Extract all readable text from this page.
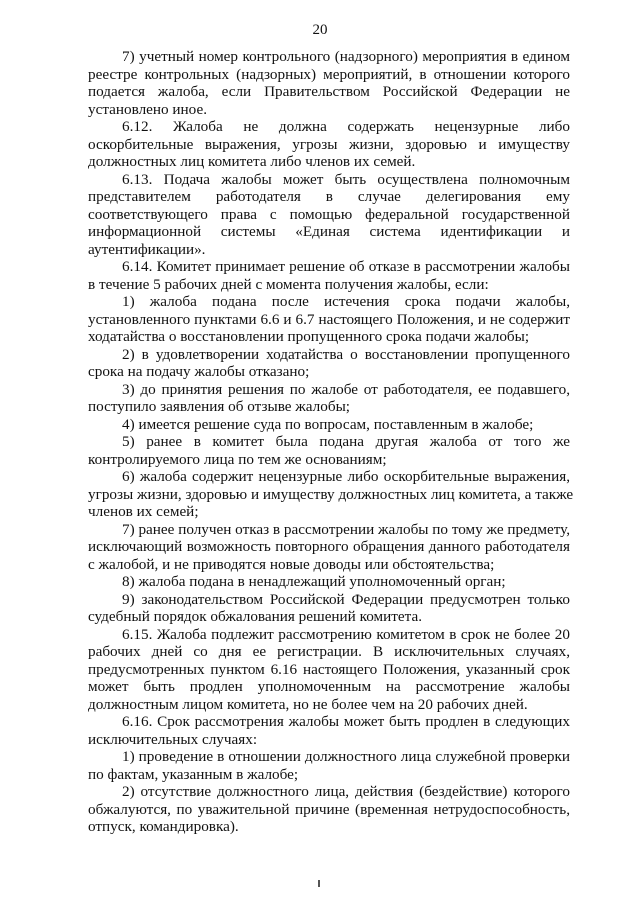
20
7) учетный номер контрольного (надзорного) мероприятия в едином
реестре контрольных (надзорных) мероприятий, в отношении которого
подается жалоба, если Правительством Российской Федерации не
установлено иное.
6.12. Жалоба не должна содержать нецензурные либо
оскорбительные выражения, угрозы жизни, здоровью и имуществу
должностных лиц комитета либо членов их семей.
6.13. Подача жалобы может быть осуществлена полномочным
представителем работодателя в случае делегирования ему
соответствующего права с помощью федеральной государственной
информационной системы «Единая система идентификации и
аутентификации».
6.14. Комитет принимает решение об отказе в рассмотрении жалобы
в течение 5 рабочих дней с момента получения жалобы, если:
1) жалоба подана после истечения срока подачи жалобы,
установленного пунктами 6.6 и 6.7 настоящего Положения, и не содержит
ходатайства о восстановлении пропущенного срока подачи жалобы;
2) в удовлетворении ходатайства о восстановлении пропущенного
срока на подачу жалобы отказано;
3) до принятия решения по жалобе от работодателя, ее подавшего,
поступило заявления об отзыве жалобы;
4) имеется решение суда по вопросам, поставленным в жалобе;
5) ранее в комитет была подана другая жалоба от того же
контролируемого лица по тем же основаниям;
6) жалоба содержит нецензурные либо оскорбительные выражения,
угрозы жизни, здоровью и имуществу должностных лиц комитета, а также
членов их семей;
7) ранее получен отказ в рассмотрении жалобы по тому же предмету,
исключающий возможность повторного обращения данного работодателя
с жалобой, и не приводятся новые доводы или обстоятельства;
8) жалоба подана в ненадлежащий уполномоченный орган;
9) законодательством Российской Федерации предусмотрен только
судебный порядок обжалования решений комитета.
6.15. Жалоба подлежит рассмотрению комитетом в срок не более 20
рабочих дней со дня ее регистрации. В исключительных случаях,
предусмотренных пунктом 6.16 настоящего Положения, указанный срок
может быть продлен уполномоченным на рассмотрение жалобы
должностным лицом комитета, но не более чем на 20 рабочих дней.
6.16. Срок рассмотрения жалобы может быть продлен в следующих
исключительных случаях:
1) проведение в отношении должностного лица служебной проверки
по фактам, указанным в жалобе;
2) отсутствие должностного лица, действия (бездействие) которого
обжалуются, по уважительной причине (временная нетрудоспособность,
отпуск, командировка).
